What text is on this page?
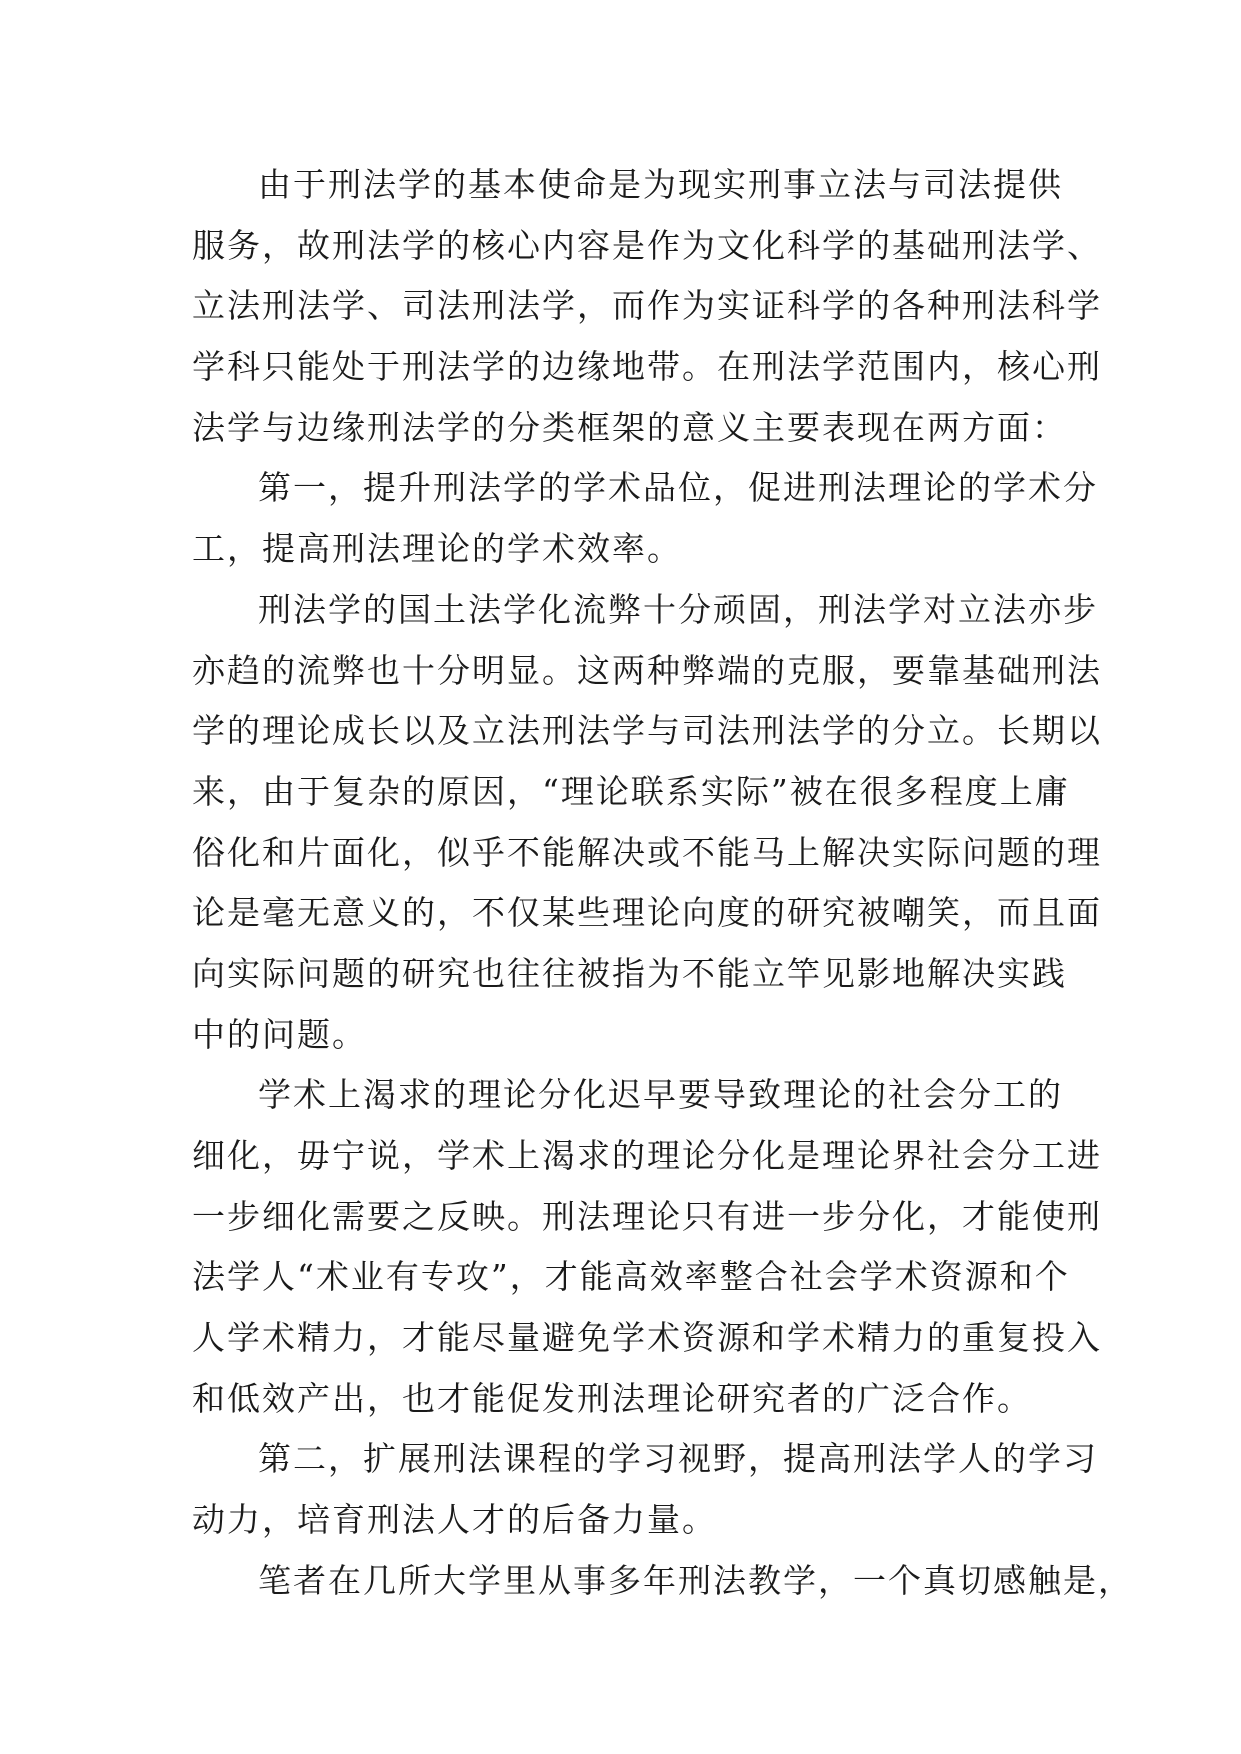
由于刑法学的基本使命是为现实刑事立法与司法提供
服务，故刑法学的核心内容是作为文化科学的基础刑法学、
立法刑法学、司法刑法学，而作为实证科学的各种刑法科学
学科只能处于刑法学的边缘地带。在刑法学范围内，核心刑
法学与边缘刑法学的分类框架的意义主要表现在两方面：
第一，提升刑法学的学术品位，促进刑法理论的学术分
工，提高刑法理论的学术效率。
刑法学的国土法学化流弊十分顽固，刑法学对立法亦步
亦趋的流弊也十分明显。这两种弊端的克服，要靠基础刑法
学的理论成长以及立法刑法学与司法刑法学的分立。长期以
来，由于复杂的原因，“理论联系实际”被在很多程度上庸
俗化和片面化，似乎不能解决或不能马上解决实际问题的理
论是毫无意义的，不仅某些理论向度的研究被嘲笑，而且面
向实际问题的研究也往往被指为不能立竿见影地解决实践
中的问题。
学术上渴求的理论分化迟早要导致理论的社会分工的
细化，毋宁说，学术上渴求的理论分化是理论界社会分工进
一步细化需要之反映。刑法理论只有进一步分化，才能使刑
法学人“术业有专攻”，才能高效率整合社会学术资源和个
人学术精力，才能尽量避免学术资源和学术精力的重复投入
和低效产出，也才能促发刑法理论研究者的广泛合作。
第二，扩展刑法课程的学习视野，提高刑法学人的学习
动力，培育刑法人才的后备力量。
笔者在几所大学里从事多年刑法教学，一个真切感触是，
